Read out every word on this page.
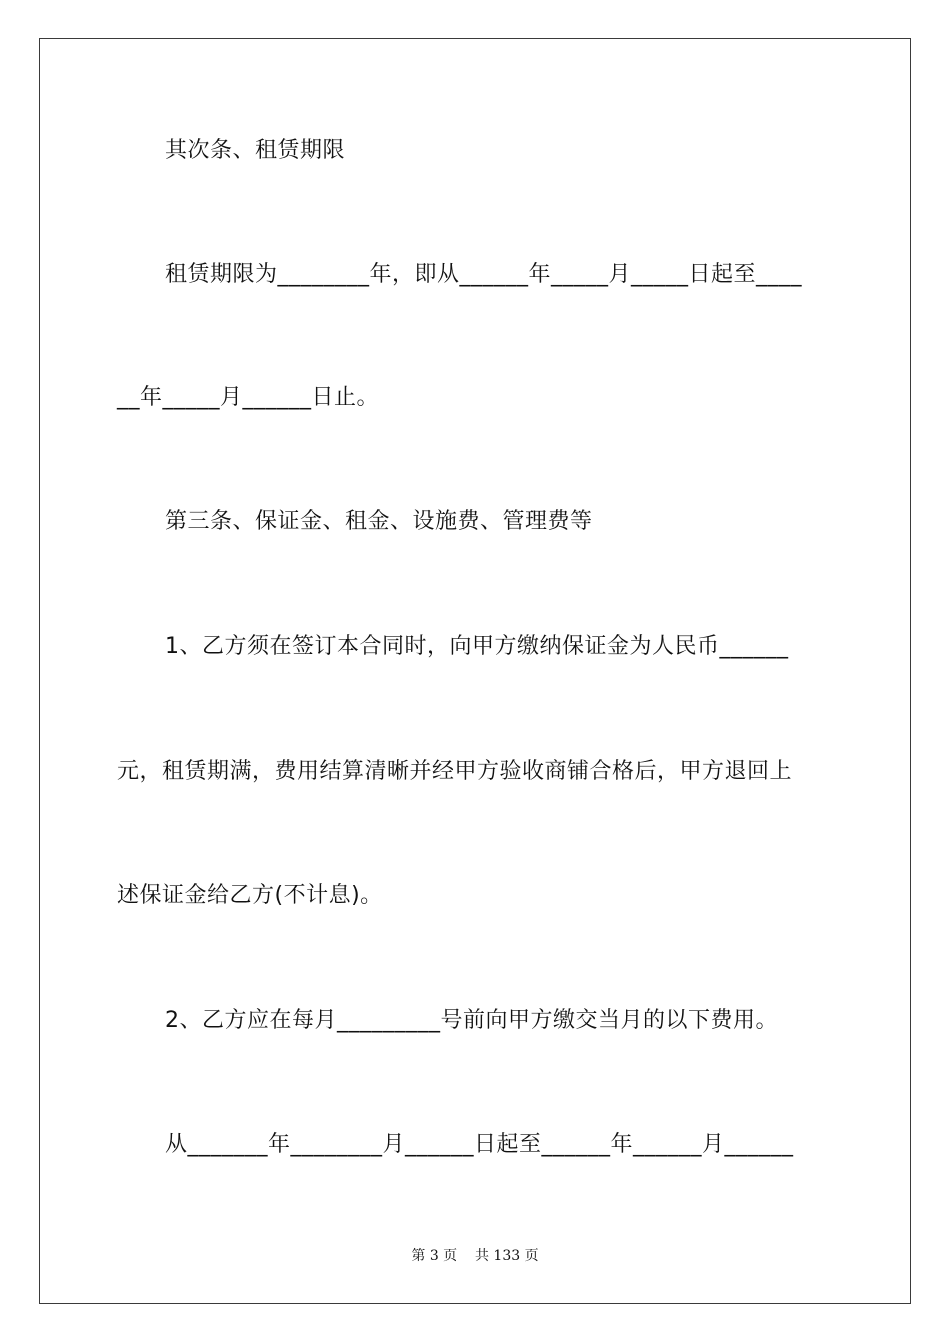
其次条、租赁期限
租赁期限为________年，即从______年_____月_____日起至____
__年_____月______日止。
第三条、保证金、租金、设施费、管理费等
1、乙方须在签订本合同时，向甲方缴纳保证金为人民币______
元，租赁期满，费用结算清晰并经甲方验收商铺合格后，甲方退回上
述保证金给乙方(不计息)。
2、乙方应在每月_________号前向甲方缴交当月的以下费用。
从_______年________月______日起至______年______月______
第 3 页    共 133 页
